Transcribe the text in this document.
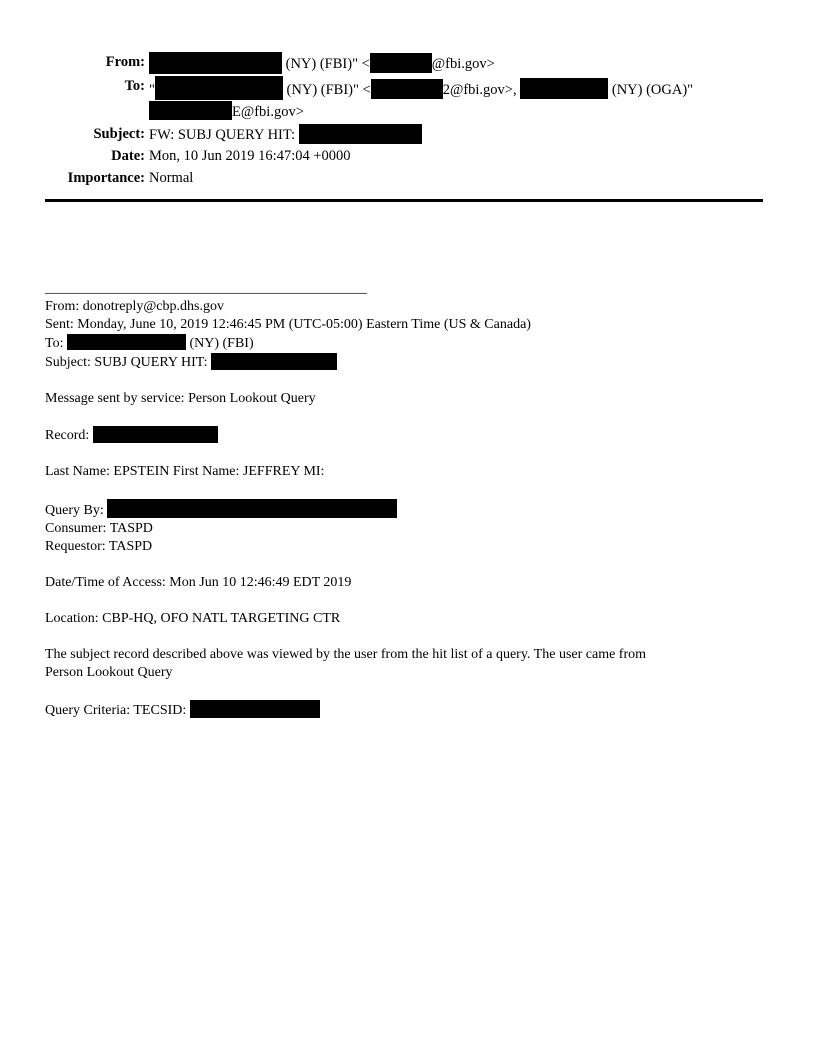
From:	(NY) (FBI)" <	@fbi.gov>
To: "	(NY) (FBI)" <	2@fbi.gov>,	(NY) (OGA)"
E@fbi.gov>
Subject: FW: SUBJ QUERY HIT:
Date: Mon, 10 Jun 2019 16:47:04 +0000
Importance: Normal
______________________________________________
From: donotreply@cbp.dhs.gov
Sent: Monday, June 10, 2019 12:46:45 PM (UTC-05:00) Eastern Time (US & Canada)
To:	(NY) (FBI)
Subject: SUBJ QUERY HIT:
Message sent by service: Person Lookout Query
Record:
Last Name: EPSTEIN First Name: JEFFREY MI:
Query By:
Consumer: TASPD
Requestor: TASPD
Date/Time of Access: Mon Jun 10 12:46:49 EDT 2019
Location: CBP-HQ, OFO NATL TARGETING CTR
The subject record described above was viewed by the user from the hit list of a query. The user came from
Person Lookout Query
Query Criteria: TECSID:
